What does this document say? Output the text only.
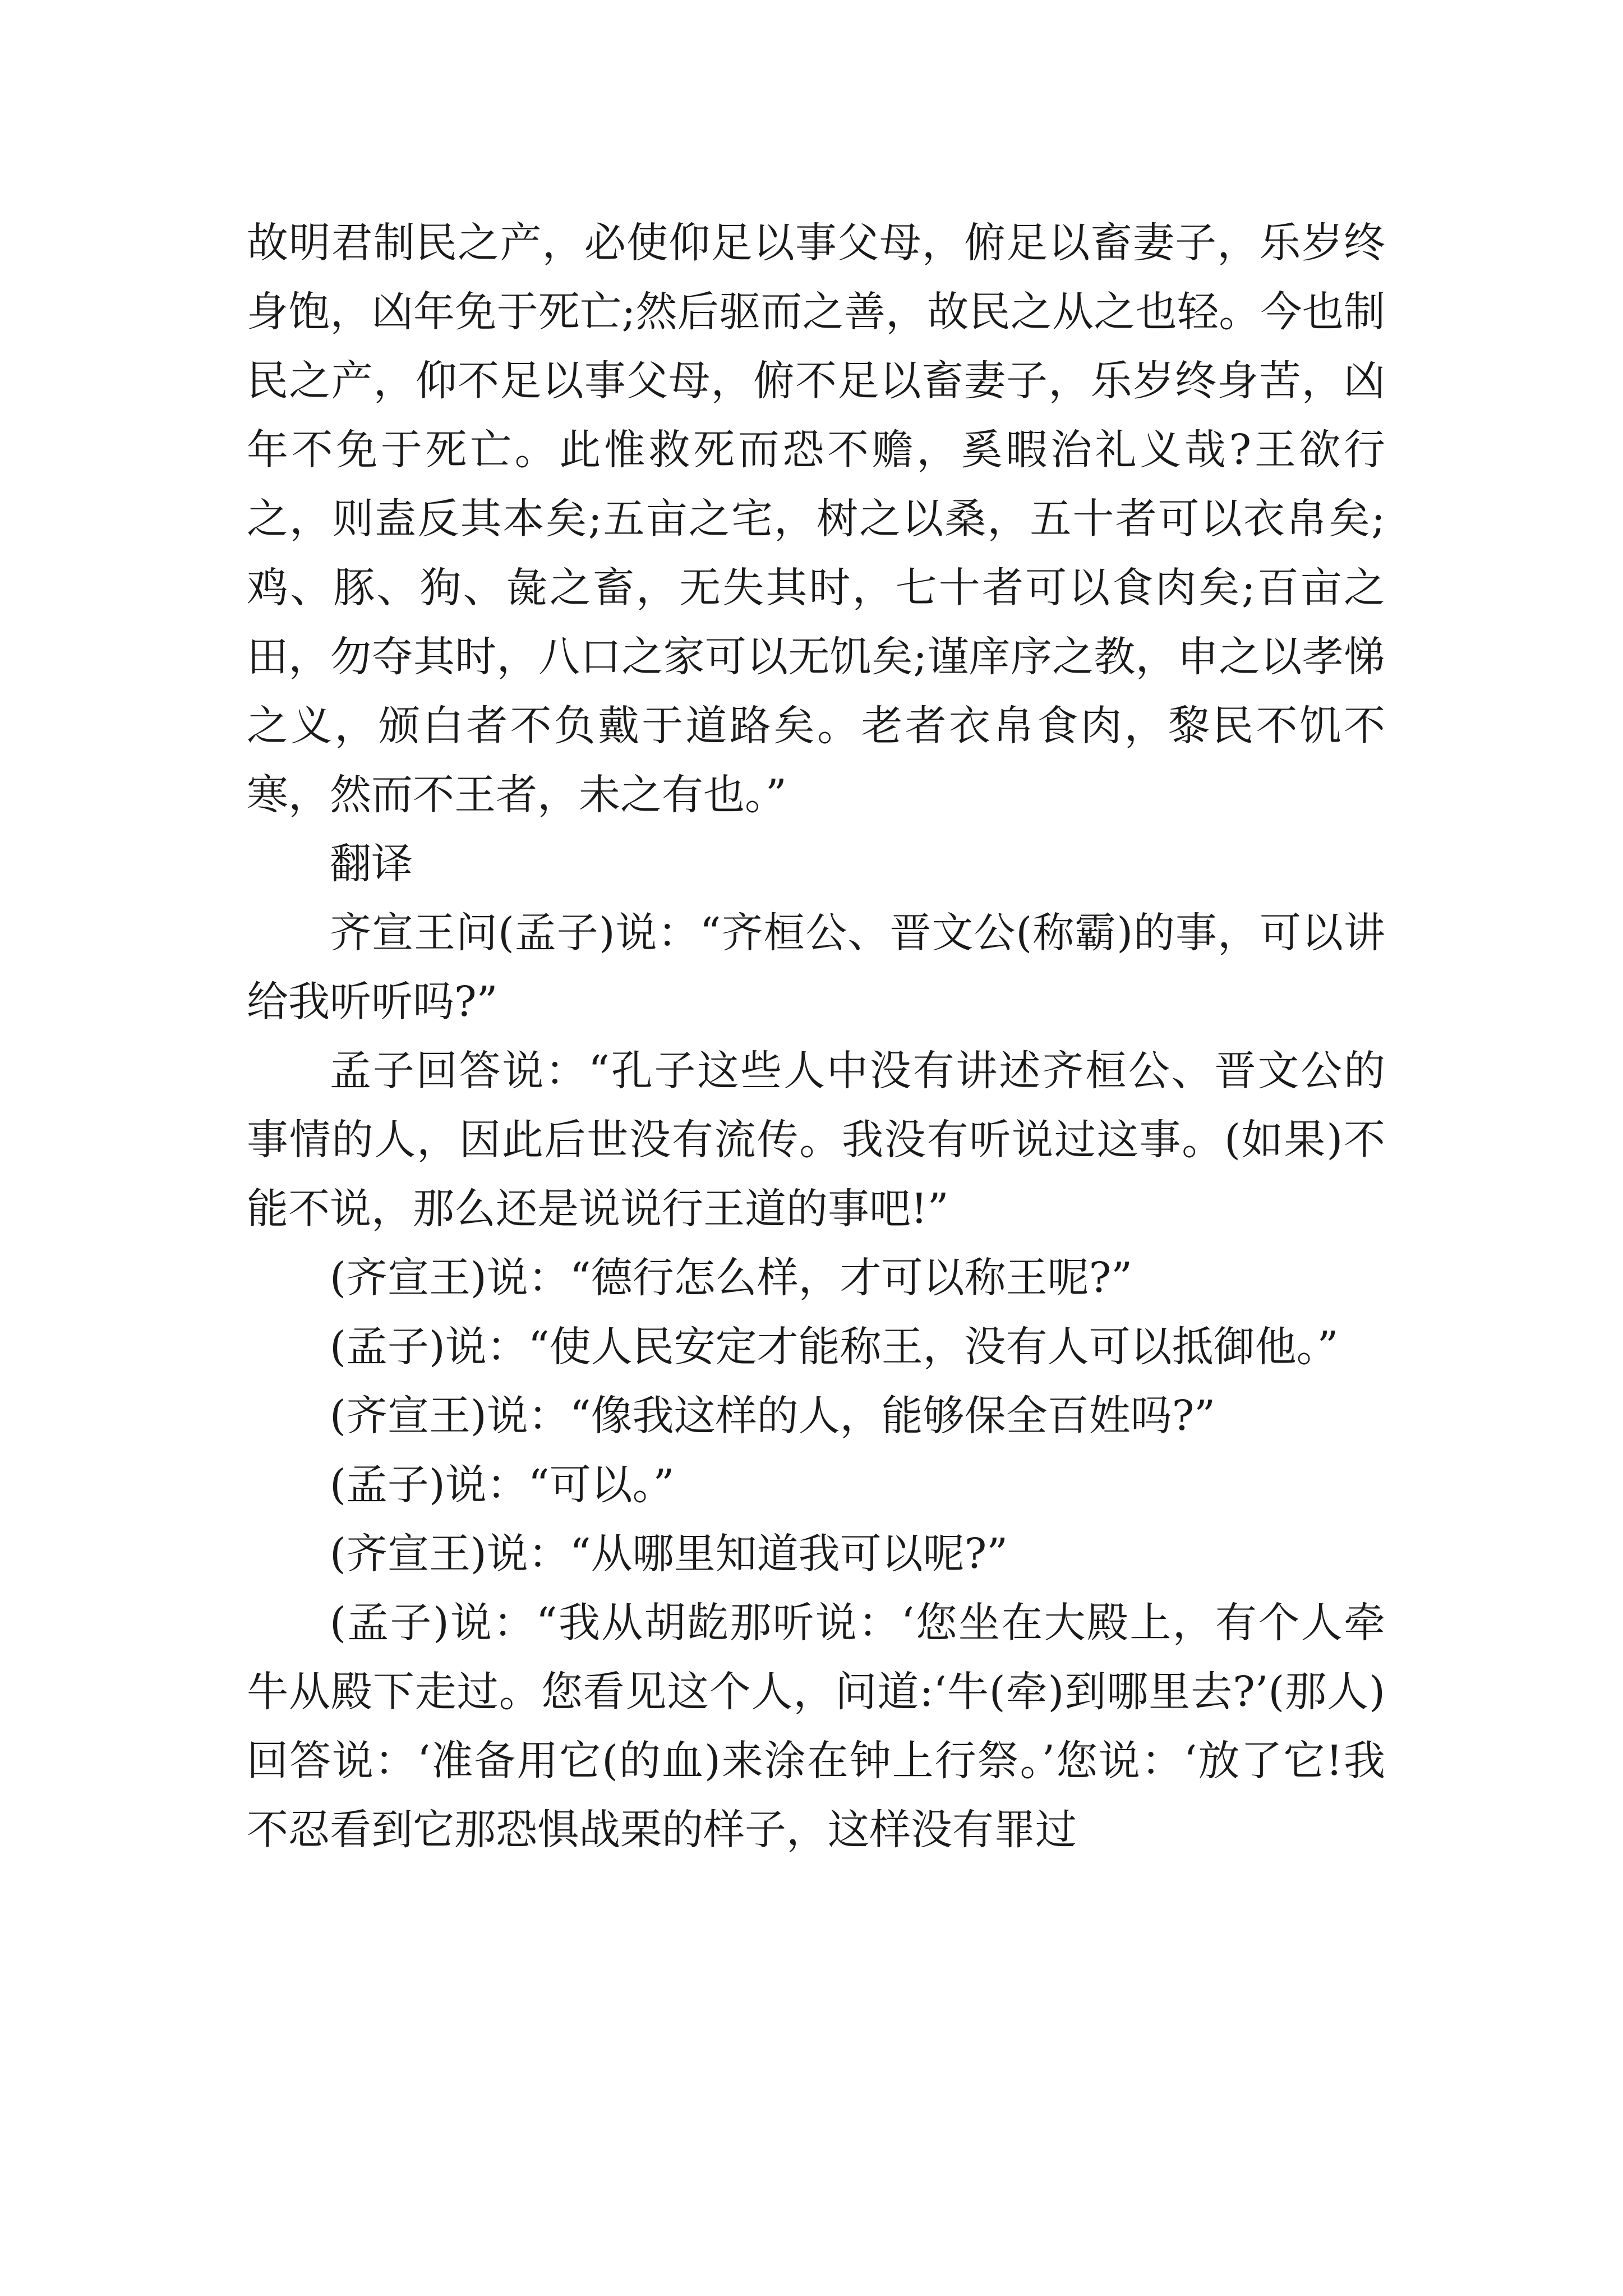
故明君制民之产，必使仰足以事父母，俯足以畜妻子，乐岁终身饱，凶年免于死亡;然后驱而之善，故民之从之也轻。今也制民之产，仰不足以事父母，俯不足以畜妻子，乐岁终身苦，凶年不免于死亡。此惟救死而恐不赡，奚暇治礼义哉?王欲行之，则盍反其本矣;五亩之宅，树之以桑，五十者可以衣帛矣;鸡、豚、狗、彘之畜，无失其时，七十者可以食肉矣;百亩之田，勿夺其时，八口之家可以无饥矣;谨庠序之教，申之以孝悌之义，颁白者不负戴于道路矣。老者衣帛食肉，黎民不饥不寒，然而不王者，未之有也。”

翻译

齐宣王问(孟子)说：“齐桓公、晋文公(称霸)的事，可以讲给我听听吗?”

孟子回答说：“孔子这些人中没有讲述齐桓公、晋文公的事情的人，因此后世没有流传。我没有听说过这事。(如果)不能不说，那么还是说说行王道的事吧!”

(齐宣王)说：“德行怎么样，才可以称王呢?”

(孟子)说：“使人民安定才能称王，没有人可以抵御他。”

(齐宣王)说：“像我这样的人，能够保全百姓吗?”

(孟子)说：“可以。”

(齐宣王)说：“从哪里知道我可以呢?”

(孟子)说：“我从胡龁那听说：‘您坐在大殿上，有个人牵牛从殿下走过。您看见这个人，问道:‘牛(牵)到哪里去?’(那人)回答说：‘准备用它(的血)来涂在钟上行祭。’您说：‘放了它!我不忍看到它那恐惧战栗的样子，这样没有罪过
